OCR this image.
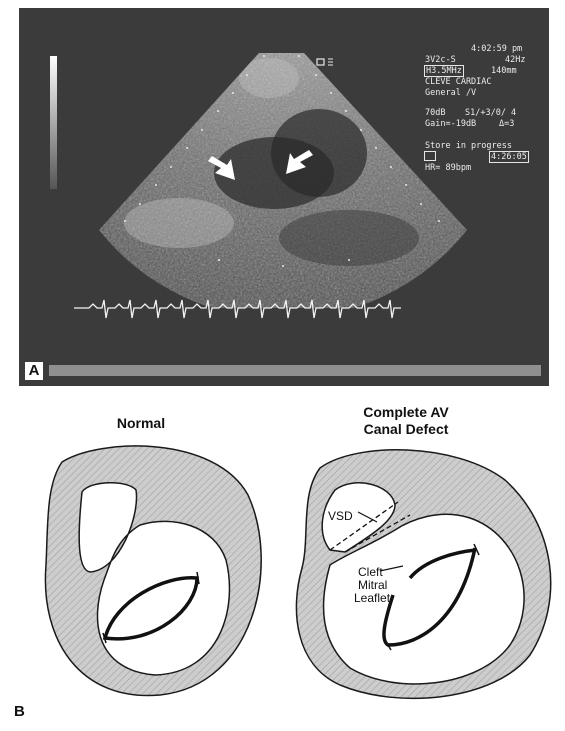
4:02:59 pm
3V2c-S	42Hz
H3.5MHz	140mm
CLEVE CARDIAC
General /V
70dB S1/+3/0/ 4
Gain=-19dB	Δ=3
Store in progress
4:26:05
HR= 89bpm
A
Normal
Complete AV
Canal Defect
VSD
Cleft
Mitral
Leaflet
B
